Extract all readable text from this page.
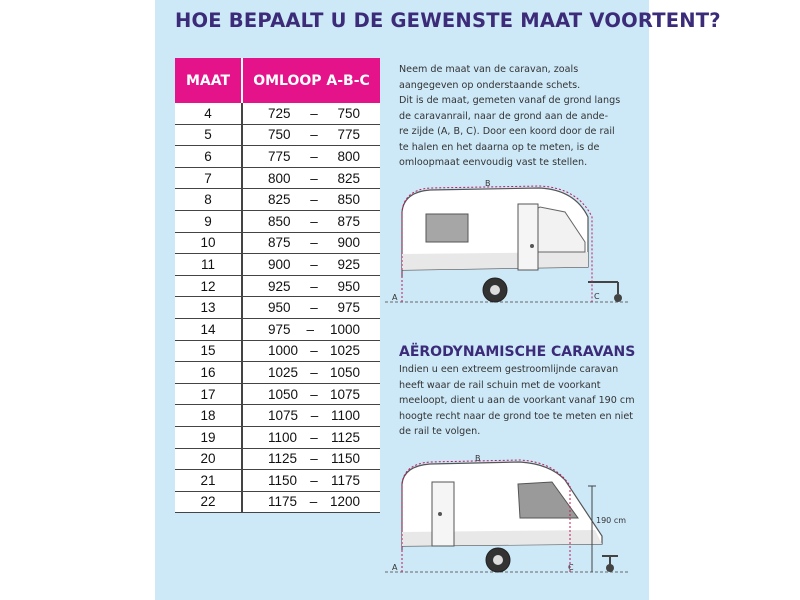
HOE BEPAALT U DE GEWENSTE MAAT VOORTENT?
MAAT	OMLOOP A-B-C
4	725 – 750

5	750 – 775

6	775 – 800

7	800 – 825

8	825 – 850

9	850 – 875

10	875 – 900

11	900 – 925

12	925 – 950

13	950 – 975

14	975 – 1000

15	1000 – 1025

16	1025 – 1050

17	1050 – 1075

18	1075 – 1100

19	1100 – 1125

20	1125 – 1150

21	1150 – 1175

22	1175 – 1200

Neem de maat van de caravan, zoals

aangegeven op onderstaande schets.

Dit is de maat, gemeten vanaf de grond langs

de caravanrail, naar de grond aan de ande-

re zijde (A, B, C). Door een koord door de rail

te halen en het daarna op te meten, is de

omloopmaat eenvoudig vast te stellen.

A
B
C
AËRODYNAMISCHE CARAVANS

Indien u een extreem gestroomlijnde caravan

heeft waar de rail schuin met de voorkant

meeloopt, dient u aan de voorkant vanaf 190 cm

hoogte recht naar de grond toe te meten en niet

de rail te volgen.

190 cm
A
B
C
